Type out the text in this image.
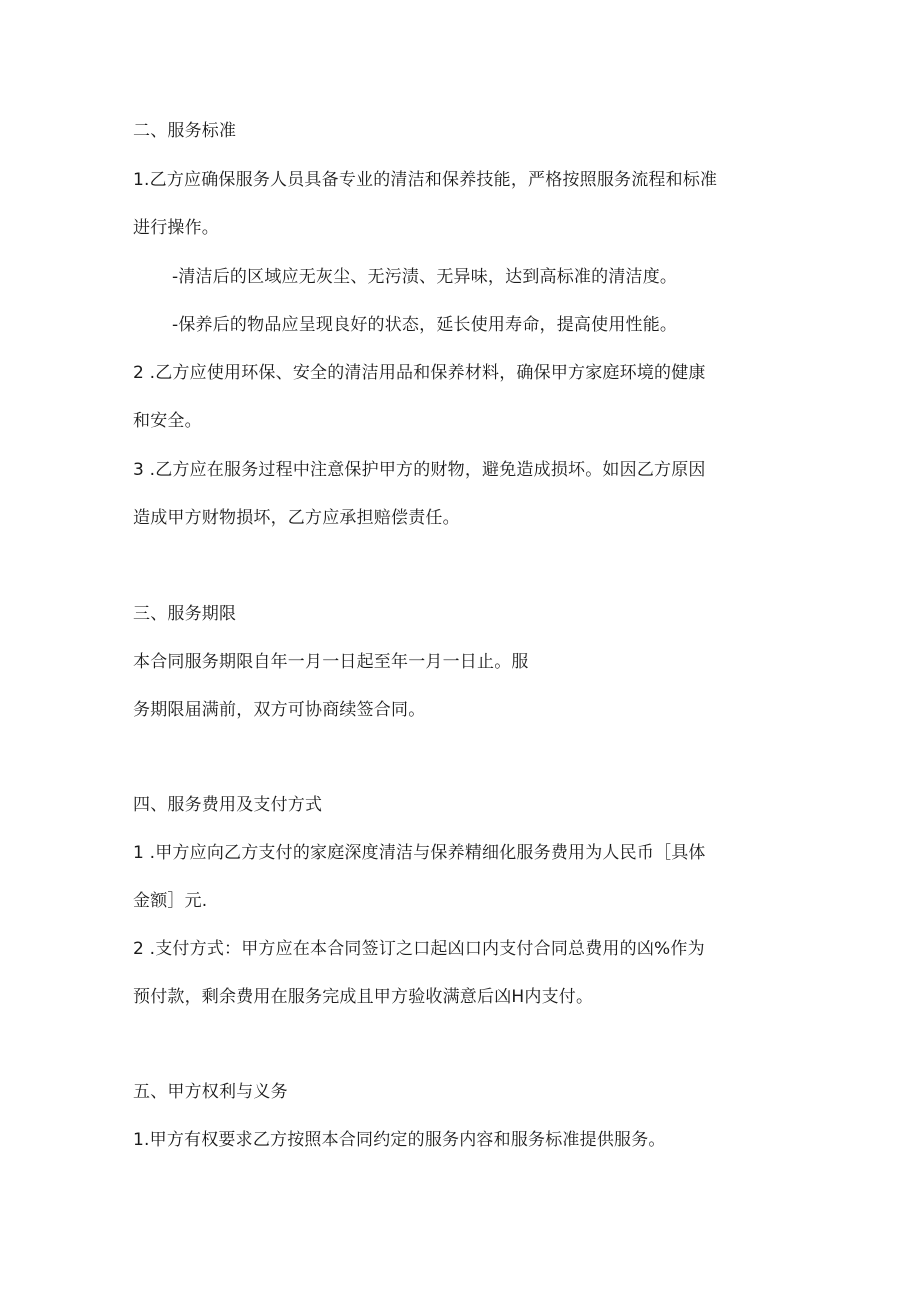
二、服务标准
1.乙方应确保服务人员具备专业的清洁和保养技能，严格按照服务流程和标准
进行操作。
-清洁后的区域应无灰尘、无污渍、无异味，达到高标准的清洁度。
-保养后的物品应呈现良好的状态，延长使用寿命，提高使用性能。
2 .乙方应使用环保、安全的清洁用品和保养材料，确保甲方家庭环境的健康
和安全。
3 .乙方应在服务过程中注意保护甲方的财物，避免造成损坏。如因乙方原因
造成甲方财物损坏，乙方应承担赔偿责任。
三、服务期限
本合同服务期限自年一月一日起至年一月一日止。服
务期限届满前，双方可协商续签合同。
四、服务费用及支付方式
1 .甲方应向乙方支付的家庭深度清洁与保养精细化服务费用为人民币［具体
金额］元.
2 .支付方式：甲方应在本合同签订之口起凶口内支付合同总费用的凶%作为
预付款，剩余费用在服务完成且甲方验收满意后凶H内支付。
五、甲方权利与义务
1.甲方有权要求乙方按照本合同约定的服务内容和服务标准提供服务。
